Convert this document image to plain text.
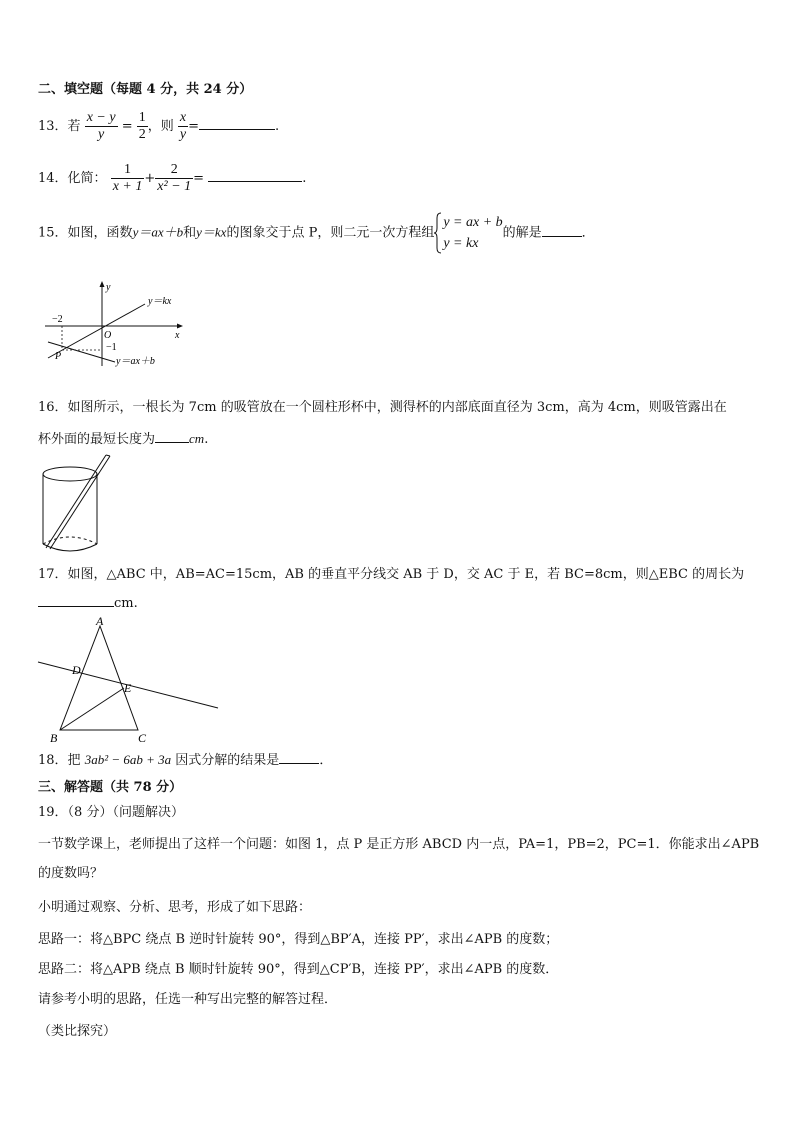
二、填空题（每题 4 分，共 24 分）
13．若 $\frac{x - y}{y} = \frac{1}{2}$ ，则 $\frac{x}{y}$ =	.
14．化简： $\frac{1}{x + 1} + \frac{2}{\text{x² − 1}}$ =	.
15．如图，函数y＝ax＋b和y＝kx的图象交于点 P，则二元一次方程组
y = ax + b
y = kx
的解是	．
y
x
O
−2
−1
P
y＝kx
y＝ax＋b
16．如图所示，一根长为 7cm 的吸管放在一个圆柱形杯中，测得杯的内部底面直径为 3cm，高为 4cm，则吸管露出在
杯外面的最短长度为	cm.
17．如图，△ABC 中，AB=AC=15cm，AB 的垂直平分线交 AB 于 D，交 AC 于 E，若 BC=8cm，则△EBC 的周长为
cm.
A
B	C
D
E
18．把 3ab² − 6ab + 3a 因式分解的结果是	．
三、解答题（共 78 分）
19．（8 分）（问题解决）
一节数学课上，老师提出了这样一个问题：如图 1，点 P 是正方形 ABCD 内一点，PA=1，PB=2，PC=1．你能求出∠APB
的度数吗？
小明通过观察、分析、思考，形成了如下思路：
思路一：将△BPC 绕点 B 逆时针旋转 90°，得到△BP′A，连接 PP′，求出∠APB 的度数；
思路二：将△APB 绕点 B 顺时针旋转 90°，得到△CP′B，连接 PP′，求出∠APB 的度数．
请参考小明的思路，任选一种写出完整的解答过程．
（类比探究）
